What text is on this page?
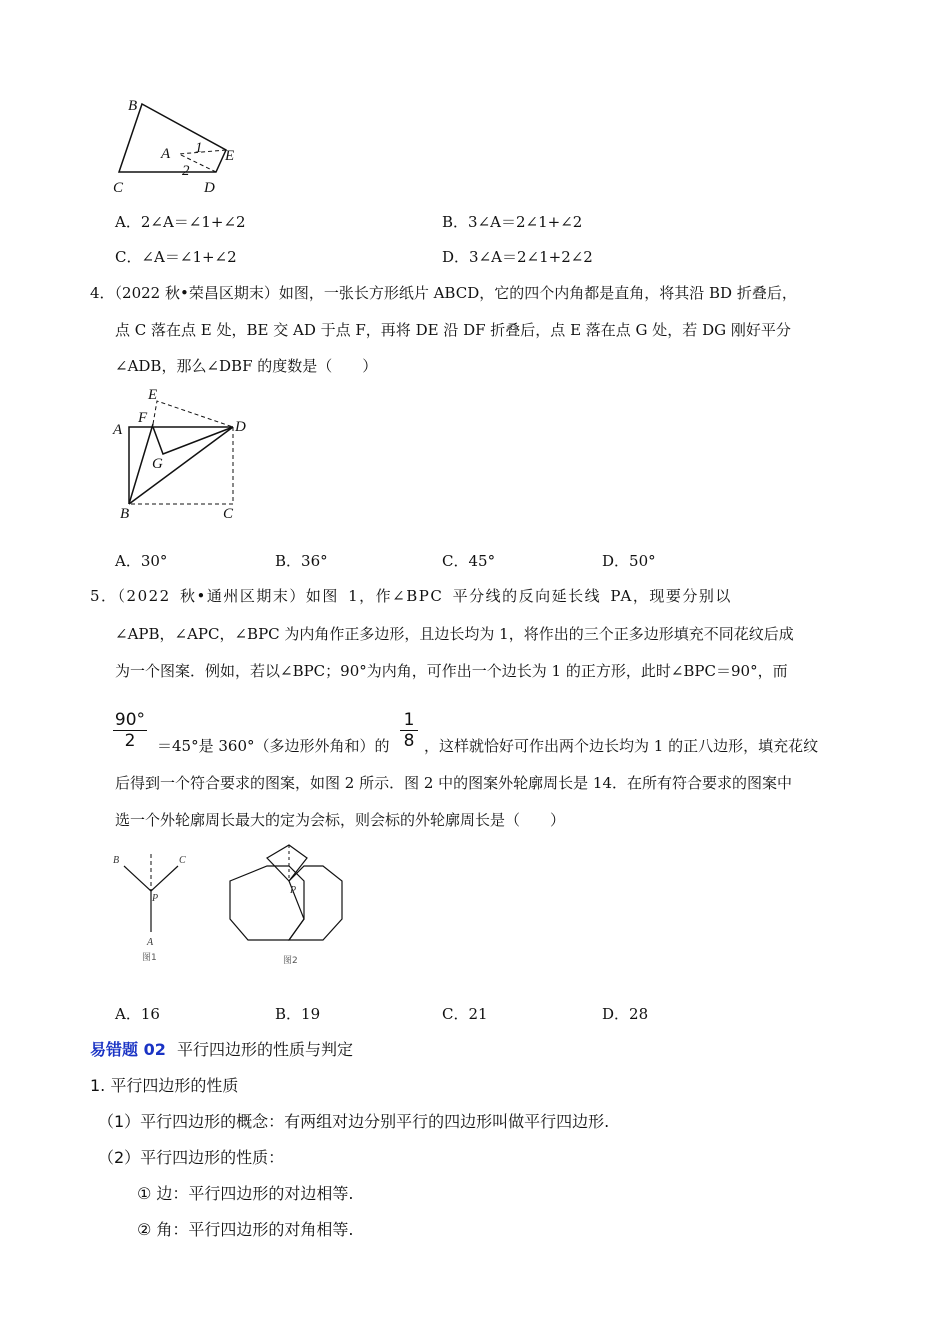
B
A	E
C	D
1
2
A．2∠A＝∠1+∠2	B．3∠A＝2∠1+∠2
C．∠A＝∠1+∠2	D．3∠A＝2∠1+2∠2
4．（2022 秋•荣昌区期末）如图，一张长方形纸片 ABCD，它的四个内角都是直角，将其沿 BD 折叠后，
点 C 落在点 E 处，BE 交 AD 于点 F，再将 DE 沿 DF 折叠后，点 E 落在点 G 处，若 DG 刚好平分
∠ADB，那么∠DBF 的度数是（　　）
E
F
A	D
G
B	C
A．30°	B．36°	C．45°	D．50°
5．（2022 秋•通州区期末）如图 1，作∠BPC 平分线的反向延长线 PA，现要分别以
∠APB，∠APC，∠BPC 为内角作正多边形，且边长均为 1，将作出的三个正多边形填充不同花纹后成
为一个图案．例如，若以∠BPC；90°为内角，可作出一个边长为 1 的正方形，此时∠BPC＝90°，而
90°
2	＝45°是 360°（多边形外角和）的
1
8 ，这样就恰好可作出两个边长均为 1 的正八边形，填充花纹
后得到一个符合要求的图案，如图 2 所示．图 2 中的图案外轮廓周长是 14．在所有符合要求的图案中
选一个外轮廓周长最大的定为会标，则会标的外轮廓周长是（　　）
B	C
P
A
图1
P
图2
A．16	B．19	C．21	D．28
易错题 02 平行四边形的性质与判定
1. 平行四边形的性质
（1）平行四边形的概念：有两组对边分别平行的四边形叫做平行四边形.
（2）平行四边形的性质：
① 边：平行四边形的对边相等.
② 角：平行四边形的对角相等.
